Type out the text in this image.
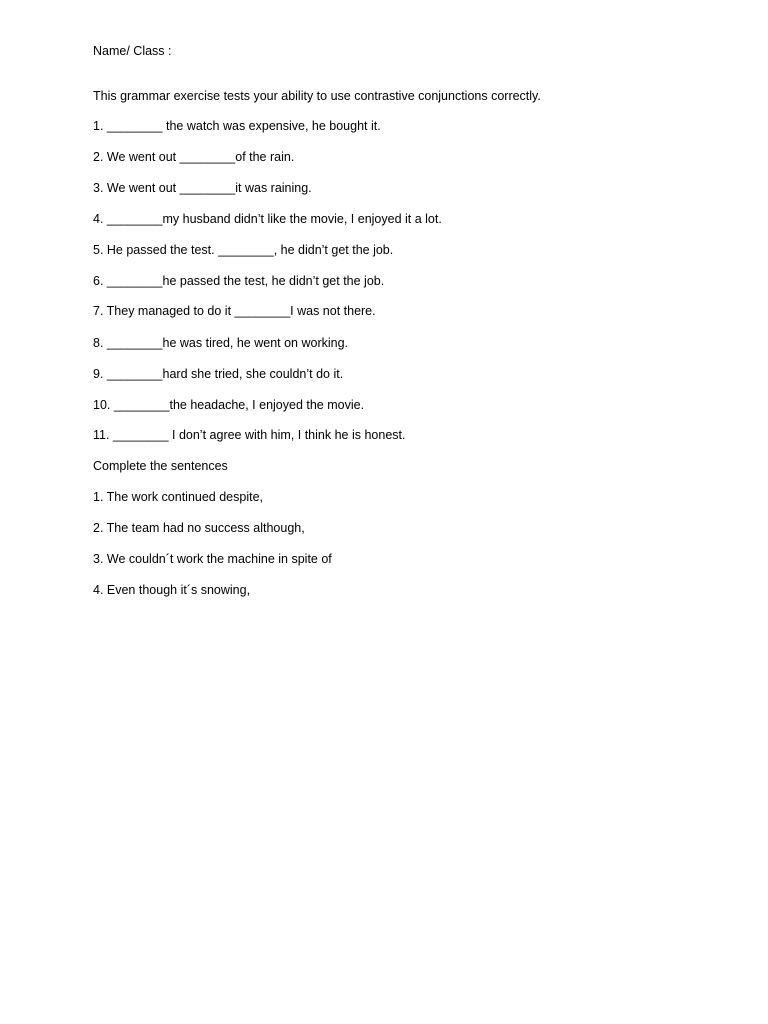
Name/ Class :
This grammar exercise tests your ability to use contrastive conjunctions correctly.
1. ________ the watch was expensive, he bought it.
2. We went out ________of the rain.
3. We went out ________it was raining.
4. ________my husband didn’t like the movie, I enjoyed it a lot.
5. He passed the test. ________, he didn’t get the job.
6. ________he passed the test, he didn’t get the job.
7. They managed to do it ________I was not there.
8. ________he was tired, he went on working.
9. ________hard she tried, she couldn’t do it.
10. ________the headache, I enjoyed the movie.
11. ________ I don’t agree with him, I think he is honest.
Complete the sentences
1. The work continued despite,
2. The team had no success although,
3. We couldn´t work the machine in spite of
4. Even though it´s snowing,
